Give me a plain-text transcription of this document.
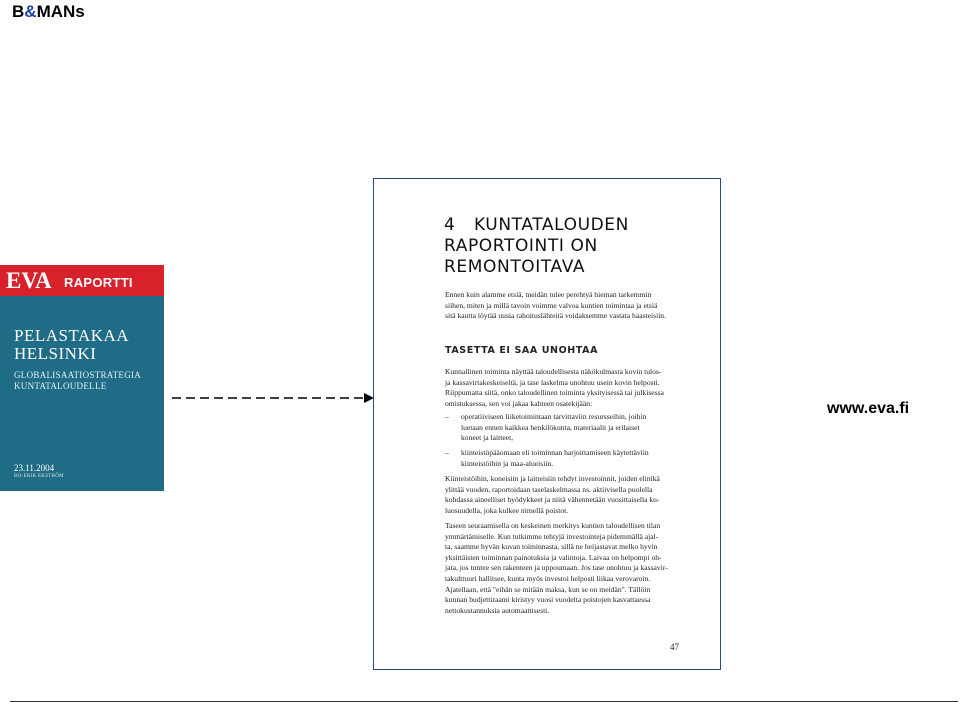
B&MANs
EVA RAPORTTI
PELASTAKAA
HELSINKI
GLOBALISAATIOSTRATEGIA
KUNTATALOUDELLE
23.11.2004
BO-ERIK EKSTRÖM
4 KUNTATALOUDEN
RAPORTOINTI ON
REMONTOITAVA
Ennen kuin alamme etsiä, meidän tulee perehtyä hieman tarkemmin
siihen, miten ja millä tavoin voimme valvoa kuntien toimintaa ja etsiä
sitä kautta löytää uusia rahoituslähteitä voidaksemme vastata haasteisiin.
TASETTA EI SAA UNOHTAA
Kunnallinen toiminta näyttää taloudellisesta näkökulmasta kovin tulos-
ja kassavirtakeskeiseltä, ja tase laskelma unohtuu usein kovin helposti.
Riippumatta siitä, onko taloudellinen toiminta yksityisessä tai julkisessa
omistuksessa, sen voi jakaa kahteen osatekijään:
– operatiiviseen liiketoimintaan tarvittaviin resursseihin, joihin
luetaan ennen kaikkea henkilökunta, materiaalit ja erilaiset
koneet ja laitteet,
– kiinteistöpääomaan eli toiminnan harjoittamiseen käytettäviin
kiinteistöihin ja maa-alueisiin.
Kiinteistöihin, koneisiin ja laitteisiin tehdyt investoinnit, joiden elinikä
ylittää vuoden, raportoidaan taselaskelmassa ns. aktiivisella puolella
kohdassa aineelliset hyödykkeet ja niitä vähennetään vuosittaisella ku-
luosuudella, joka kulkee nimellä poistot.
Taseen seuraamisella on keskeinen merkitys kuntien taloudellisen tilan
ymmärtämiselle. Kun tutkimme tehtyjä investointeja pidemmällä ajal-
ta, saamme hyvän kuvan toiminnasta, sillä ne heijastavat melko hyvin
yksittäisten toiminnan painotuksia ja valintoja. Laivaa on helpompi oh-
jata, jos tuntee sen rakenteen ja uppoumaan. Jos tase unohtuu ja kassavir-
takulttuuri hallitsee, kunta myös investoi helposti liikaa verovaroin.
Ajatellaan, että "eihän se mitään maksa, kun se on meidän". Tällöin
kunnan budjettiraami kiristyy vuosi vuodelta poistojen kasvattaessa
nettokustannuksia automaattisesti.
47
www.eva.fi
